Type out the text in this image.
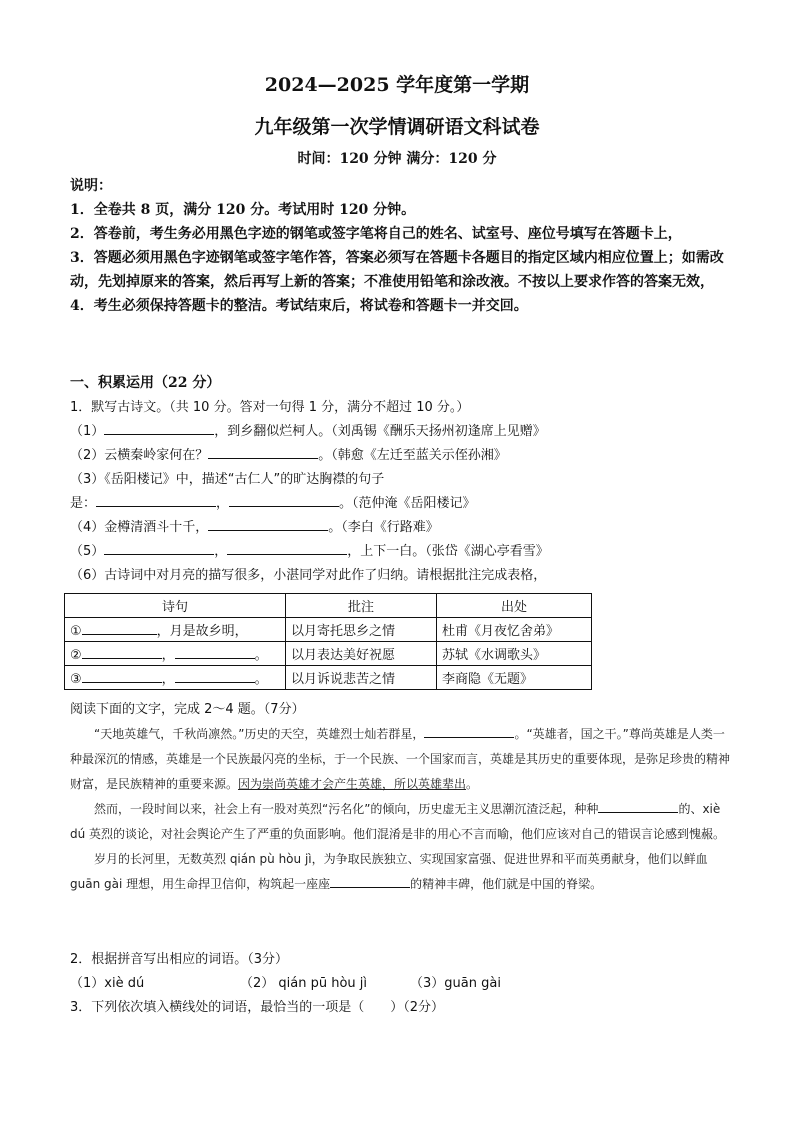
2024—2025 学年度第一学期
九年级第一次学情调研语文科试卷
时间：120 分钟 满分：120 分

说明：

1．全卷共 8 页，满分 120 分。考试用时 120 分钟。

2．答卷前，考生务必用黑色字迹的钢笔或签字笔将自己的姓名、试室号、座位号填写在答题卡上，

3．答题必须用黑色字迹钢笔或签字笔作答，答案必须写在答题卡各题目的指定区域内相应位置上；如需改动，先划掉原来的答案，然后再写上新的答案；不准使用铅笔和涂改液。不按以上要求作答的答案无效，

4．考生必须保持答题卡的整洁。考试结束后，将试卷和答题卡一并交回。

一、积累运用（22 分）

1．默写古诗文。（共 10 分。答对一句得 1 分，满分不超过 10 分。）

（1）	，到乡翻似烂柯人。（刘禹锡《酬乐天扬州初逢席上见赠》

（2）云横秦岭家何在？	。（韩愈《左迁至蓝关示侄孙湘》

（3）《岳阳楼记》中，描述“古仁人”的旷达胸襟的句子

是：	，	。（范仲淹《岳阳楼记》

（4）金樽清酒斗十千，	。（李白《行路难》

（5）	，	，上下一白。（张岱《湖心亭看雪》

（6）古诗词中对月亮的描写很多，小湛同学对此作了归纳。请根据批注完成表格，

诗句	批注	出处
① ，月是故乡明，	以月寄托思乡之情	杜甫《月夜忆舍弟》
② ， 。	以月表达美好祝愿	苏轼《水调歌头》
③ ， 。	以月诉说悲苦之情	李商隐《无题》
阅读下面的文字，完成 2～4 题。（7分）

“天地英雄气，千秋尚凛然。”历史的天空，英雄烈士灿若群星，	。“英雄者，国之干。”尊尚英雄是人类一种最深沉的情感，英雄是一个民族最闪亮的坐标，于一个民族、一个国家而言，英雄是其历史的重要体现，是弥足珍贵的精神财富，是民族精神的重要来源。因为崇尚英雄才会产生英雄，所以英雄辈出。

然而，一段时间以来，社会上有一股对英烈“污名化”的倾向，历史虚无主义思潮沉渣泛起，种种	的、xiè dú 英烈的谈论，对社会舆论产生了严重的负面影响。他们混淆是非的用心不言而喻，他们应该对自己的错误言论感到愧赧。

岁月的长河里，无数英烈 qián pù hòu jì，为争取民族独立、实现国家富强、促进世界和平而英勇献身，他们以鲜血 guān gài 理想，用生命捍卫信仰，构筑起一座座	的精神丰碑，他们就是中国的脊梁。

2．根据拼音写出相应的词语。（3分）

（1）xiè dú	（2） qián pū hòu jì	（3）guān gài

3．下列依次填入横线处的词语，最恰当的一项是（　　）（2分）
